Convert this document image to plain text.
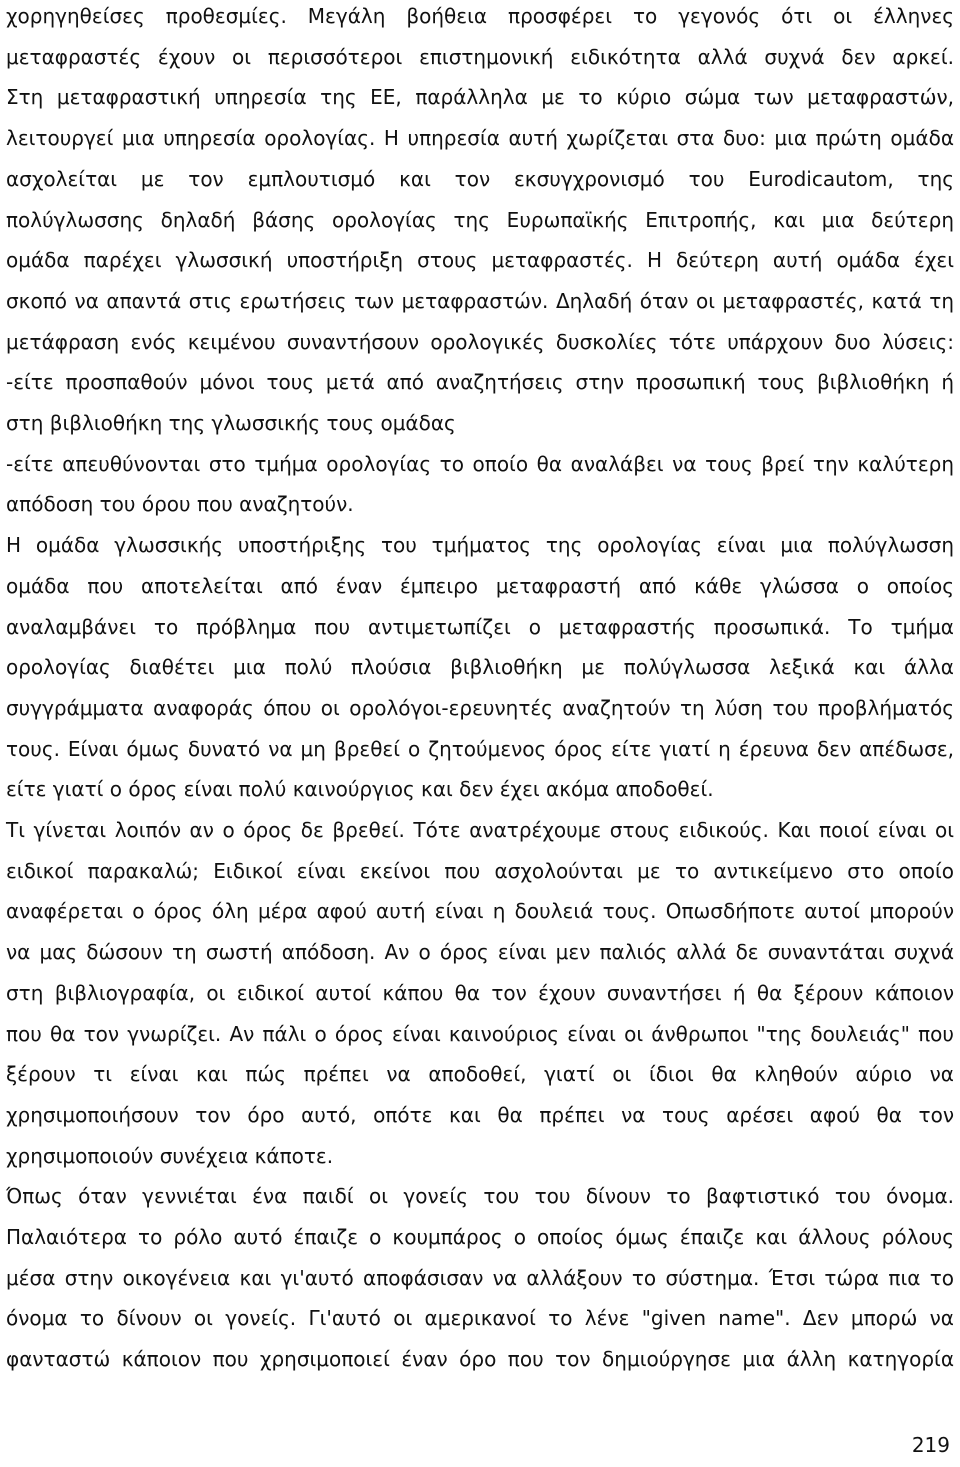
χορηγηθείσες προθεσμίες. Μεγάλη βοήθεια προσφέρει το γεγονός ότι οι έλληνες
μεταφραστές έχουν οι περισσότεροι επιστημονική ειδικότητα αλλά συχνά δεν αρκεί.
Στη μεταφραστική υπηρεσία της ΕΕ, παράλληλα με το κύριο σώμα των μεταφραστών,
λειτουργεί μια υπηρεσία ορολογίας. Η υπηρεσία αυτή χωρίζεται στα δυο: μια πρώτη ομάδα
ασχολείται με τον εμπλουτισμό και τον εκσυγχρονισμό του Eurodicautom, της
πολύγλωσσης δηλαδή βάσης ορολογίας της Ευρωπαϊκής Επιτροπής, και μια δεύτερη
ομάδα παρέχει γλωσσική υποστήριξη στους μεταφραστές. Η δεύτερη αυτή ομάδα έχει
σκοπό να απαντά στις ερωτήσεις των μεταφραστών. Δηλαδή όταν οι μεταφραστές, κατά τη
μετάφραση ενός κειμένου συναντήσουν ορολογικές δυσκολίες τότε υπάρχουν δυο λύσεις:
-είτε προσπαθούν μόνοι τους μετά από αναζητήσεις στην προσωπική τους βιβλιοθήκη ή
στη βιβλιοθήκη της γλωσσικής τους ομάδας
-είτε απευθύνονται στο τμήμα ορολογίας το οποίο θα αναλάβει να τους βρεί την καλύτερη
απόδοση του όρου που αναζητούν.
Η ομάδα γλωσσικής υποστήριξης του τμήματος της ορολογίας είναι μια πολύγλωσση
ομάδα που αποτελείται από έναν έμπειρο μεταφραστή από κάθε γλώσσα ο οποίος
αναλαμβάνει το πρόβλημα που αντιμετωπίζει ο μεταφραστής προσωπικά. Το τμήμα
ορολογίας διαθέτει μια πολύ πλούσια βιβλιοθήκη με πολύγλωσσα λεξικά και άλλα
συγγράμματα αναφοράς όπου οι ορολόγοι-ερευνητές αναζητούν τη λύση του προβλήματός
τους. Είναι όμως δυνατό να μη βρεθεί ο ζητούμενος όρος είτε γιατί η έρευνα δεν απέδωσε,
είτε γιατί ο όρος είναι πολύ καινούργιος και δεν έχει ακόμα αποδοθεί.
Τι γίνεται λοιπόν αν ο όρος δε βρεθεί. Τότε ανατρέχουμε στους ειδικούς. Και ποιοί είναι οι
ειδικοί παρακαλώ; Ειδικοί είναι εκείνοι που ασχολούνται με το αντικείμενο στο οποίο
αναφέρεται ο όρος όλη μέρα αφού αυτή είναι η δουλειά τους. Οπωσδήποτε αυτοί μπορούν
να μας δώσουν τη σωστή απόδοση. Αν ο όρος είναι μεν παλιός αλλά δε συναντάται συχνά
στη βιβλιογραφία, οι ειδικοί αυτοί κάπου θα τον έχουν συναντήσει ή θα ξέρουν κάποιον
που θα τον γνωρίζει. Αν πάλι ο όρος είναι καινούριος είναι οι άνθρωποι "της δουλειάς" που
ξέρουν τι είναι και πώς πρέπει να αποδοθεί, γιατί οι ίδιοι θα κληθούν αύριο να
χρησιμοποιήσουν τον όρο αυτό, οπότε και θα πρέπει να τους αρέσει αφού θα τον
χρησιμοποιούν συνέχεια κάποτε.
Όπως όταν γεννιέται ένα παιδί οι γονείς του του δίνουν το βαφτιστικό του όνομα.
Παλαιότερα το ρόλο αυτό έπαιζε ο κουμπάρος ο οποίος όμως έπαιζε και άλλους ρόλους
μέσα στην οικογένεια και γι'αυτό αποφάσισαν να αλλάξουν το σύστημα. Έτσι τώρα πια το
όνομα το δίνουν οι γονείς. Γι'αυτό οι αμερικανοί το λένε "given name". Δεν μπορώ να
φανταστώ κάποιον που χρησιμοποιεί έναν όρο που τον δημιούργησε μια άλλη κατηγορία
219
